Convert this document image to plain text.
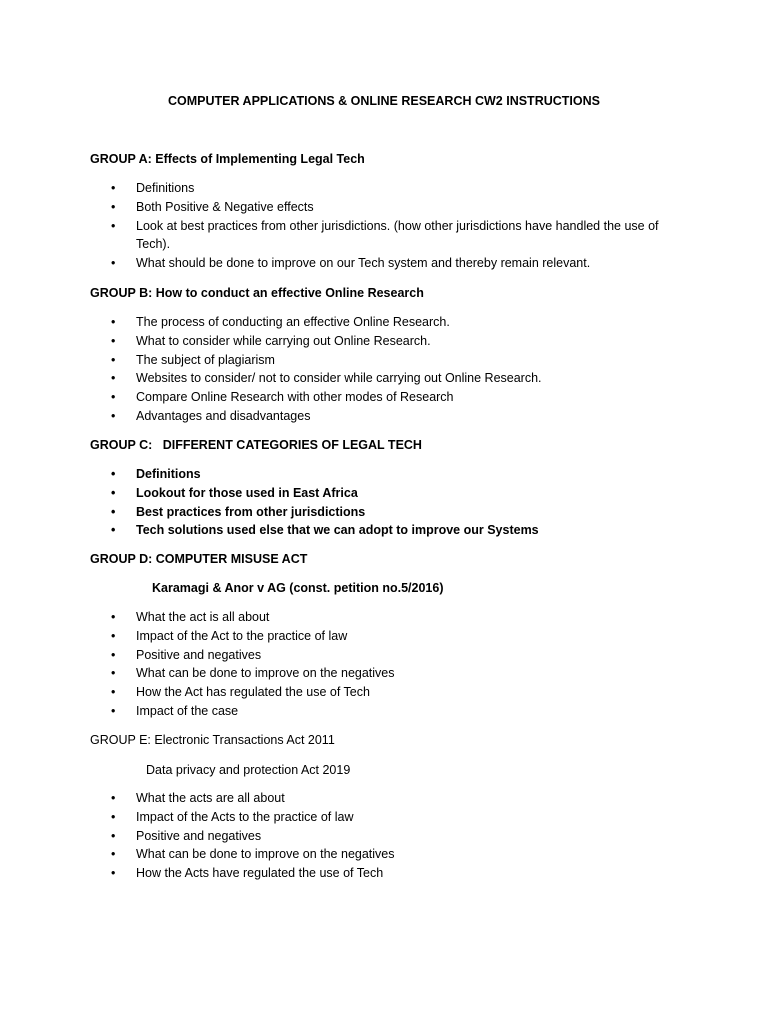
COMPUTER APPLICATIONS & ONLINE RESEARCH CW2 INSTRUCTIONS
GROUP A: Effects of Implementing Legal Tech
• Definitions
• Both Positive & Negative effects
• Look at best practices from other jurisdictions. (how other jurisdictions have handled the use of Tech).
• What should be done to improve on our Tech system and thereby remain relevant.
GROUP B: How to conduct an effective Online Research
• The process of conducting an effective Online Research.
• What to consider while carrying out Online Research.
• The subject of plagiarism
• Websites to consider/ not to consider while carrying out Online Research.
• Compare Online Research with other modes of Research
• Advantages and disadvantages
GROUP C:   DIFFERENT CATEGORIES OF LEGAL TECH
• Definitions
• Lookout for those used in East Africa
• Best practices from other jurisdictions
• Tech solutions used else that we can adopt to improve our Systems
GROUP D: COMPUTER MISUSE ACT
Karamagi & Anor v AG (const. petition no.5/2016)
• What the act is all about
• Impact of the Act to the practice of law
• Positive and negatives
• What can be done to improve on the negatives
• How the Act has regulated the use of Tech
• Impact of the case
GROUP E: Electronic Transactions Act 2011
Data privacy and protection Act 2019
• What the acts are all about
• Impact of the Acts to the practice of law
• Positive and negatives
• What can be done to improve on the negatives
• How the Acts have regulated the use of Tech
